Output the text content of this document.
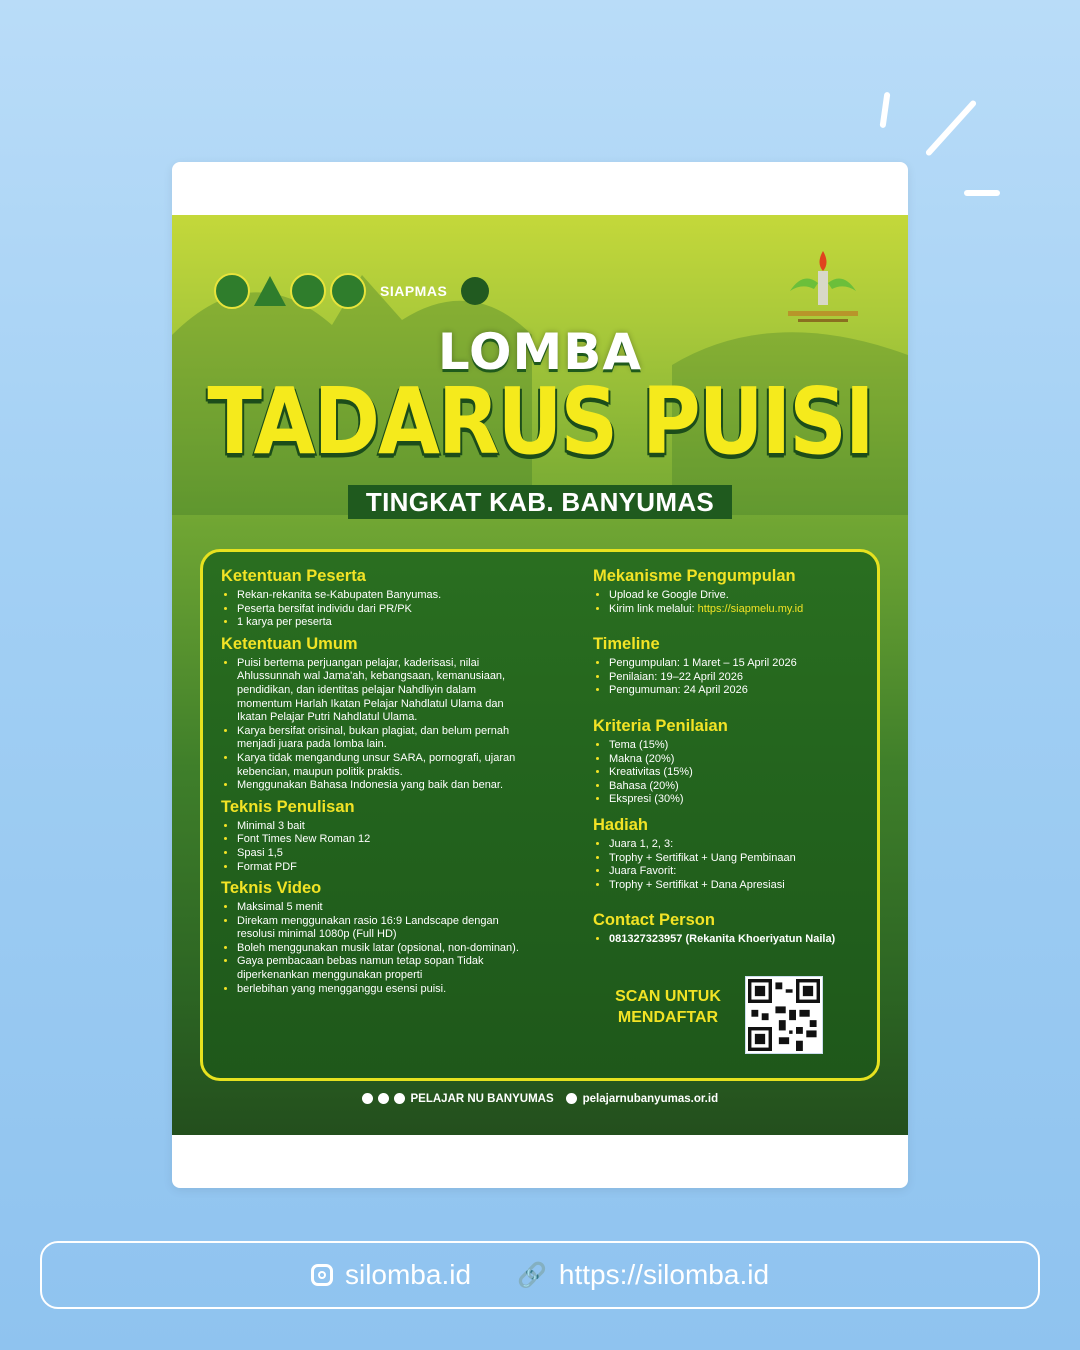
SIAPMAS
LOMBA
TADARUS PUISI
TINGKAT KAB. BANYUMAS
Ketentuan Peserta
• Rekan-rekanita se-Kabupaten Banyumas.
• Peserta bersifat individu dari PR/PK
• 1 karya per peserta
Ketentuan Umum
• Puisi bertema perjuangan pelajar, kaderisasi, nilai Ahlussunnah wal Jama'ah, kebangsaan, kemanusiaan, pendidikan, dan identitas pelajar Nahdliyin dalam momentum Harlah Ikatan Pelajar Nahdlatul Ulama dan Ikatan Pelajar Putri Nahdlatul Ulama.
• Karya bersifat orisinal, bukan plagiat, dan belum pernah menjadi juara pada lomba lain.
• Karya tidak mengandung unsur SARA, pornografi, ujaran kebencian, maupun politik praktis.
• Menggunakan Bahasa Indonesia yang baik dan benar.
Teknis Penulisan
• Minimal 3 bait
• Font Times New Roman 12
• Spasi 1,5
• Format PDF
Teknis Video
• Maksimal 5 menit
• Direkam menggunakan rasio 16:9 Landscape dengan resolusi minimal 1080p (Full HD)
• Boleh menggunakan musik latar (opsional, non-dominan).
• Gaya pembacaan bebas namun tetap sopan Tidak diperkenankan menggunakan properti
• berlebihan yang mengganggu esensi puisi.
Mekanisme Pengumpulan
• Upload ke Google Drive.
• Kirim link melalui: https://siapmelu.my.id
Timeline
• Pengumpulan: 1 Maret – 15 April 2026
• Penilaian: 19–22 April 2026
• Pengumuman: 24 April 2026
Kriteria Penilaian
• Tema (15%)
• Makna (20%)
• Kreativitas (15%)
• Bahasa (20%)
• Ekspresi (30%)
Hadiah
• Juara 1, 2, 3:
• Trophy + Sertifikat + Uang Pembinaan
• Juara Favorit:
• Trophy + Sertifikat + Dana Apresiasi
Contact Person
• 081327323957 (Rekanita Khoeriyatun Naila)
SCAN UNTUK MENDAFTAR
PELAJAR NU BANYUMAS	pelajarnubanyumas.or.id
silomba.id 🔗 https://silomba.id
